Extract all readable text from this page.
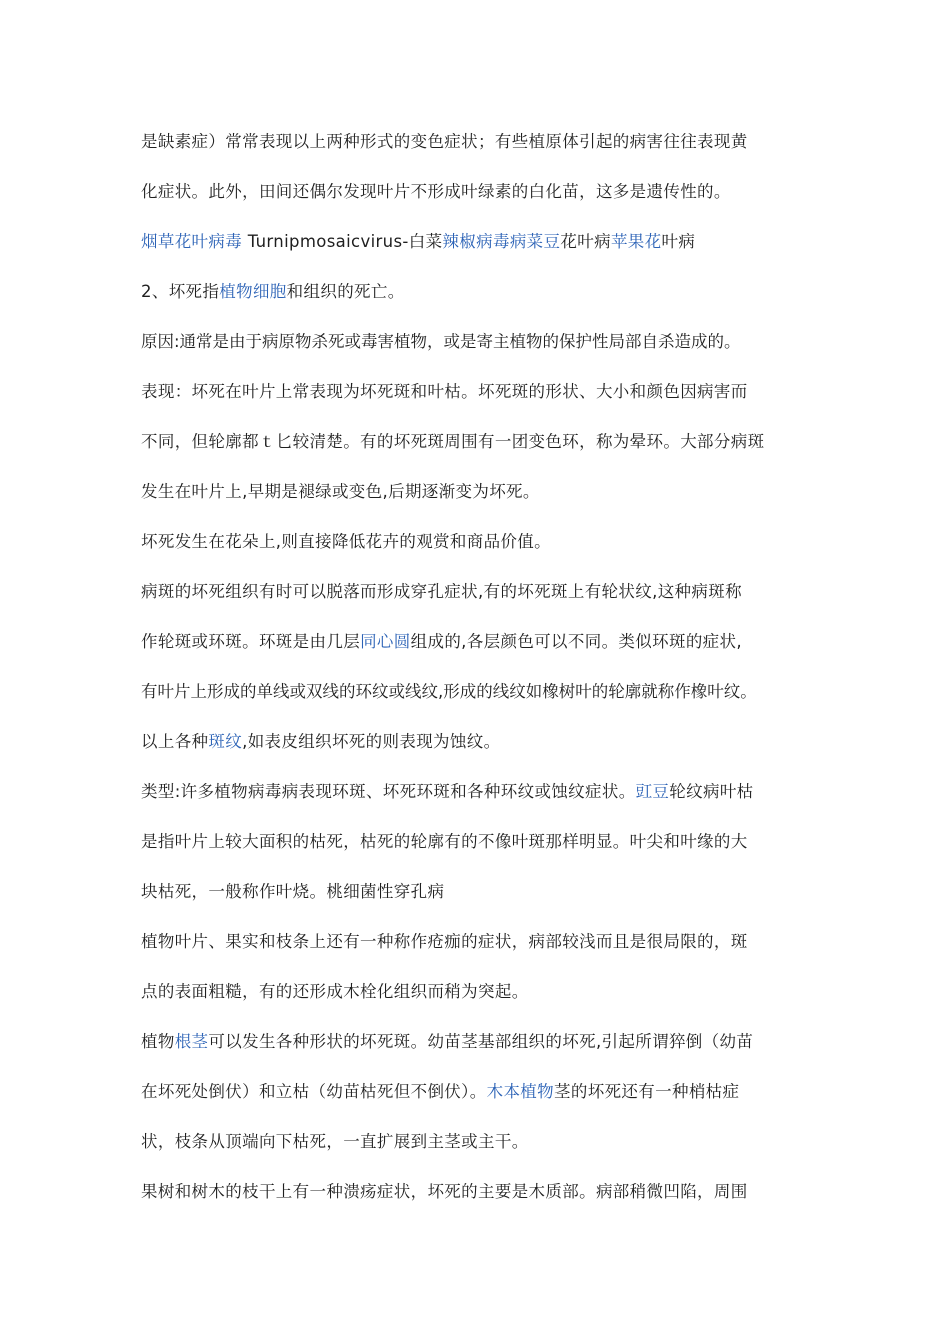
是缺素症）常常表现以上两种形式的变色症状；有些植原体引起的病害往往表现黄
化症状。此外，田间还偶尔发现叶片不形成叶绿素的白化苗，这多是遗传性的。
烟草花叶病毒 Turnipmosaicvirus-白菜辣椒病毒病菜豆花叶病苹果花叶病
2、坏死指植物细胞和组织的死亡。
原因:通常是由于病原物杀死或毒害植物，或是寄主植物的保护性局部自杀造成的。
表现：坏死在叶片上常表现为坏死斑和叶枯。坏死斑的形状、大小和颜色因病害而
不同，但轮廓都ｔ匕较清楚。有的坏死斑周围有一团变色环，称为晕环。大部分病斑
发生在叶片上,早期是褪绿或变色,后期逐渐变为坏死。
坏死发生在花朵上,则直接降低花卉的观赏和商品价值。
病斑的坏死组织有时可以脱落而形成穿孔症状,有的坏死斑上有轮状纹,这种病斑称
作轮斑或环斑。环斑是由几层同心圆组成的,各层颜色可以不同。类似环斑的症状,
有叶片上形成的单线或双线的环纹或线纹,形成的线纹如橡树叶的轮廓就称作橡叶纹。
以上各种斑纹,如表皮组织坏死的则表现为蚀纹。
类型:许多植物病毒病表现环斑、坏死环斑和各种环纹或蚀纹症状。豇豆轮纹病叶枯
是指叶片上较大面积的枯死，枯死的轮廓有的不像叶斑那样明显。叶尖和叶缘的大
块枯死，一般称作叶烧。桃细菌性穿孔病
植物叶片、果实和枝条上还有一种称作疮痂的症状，病部较浅而且是很局限的，斑
点的表面粗糙，有的还形成木栓化组织而稍为突起。
植物根茎可以发生各种形状的坏死斑。幼苗茎基部组织的坏死,引起所谓猝倒（幼苗
在坏死处倒伏）和立枯（幼苗枯死但不倒伏）。木本植物茎的坏死还有一种梢枯症
状，枝条从顶端向下枯死，一直扩展到主茎或主干。
果树和树木的枝干上有一种溃疡症状，坏死的主要是木质部。病部稍微凹陷，周围
